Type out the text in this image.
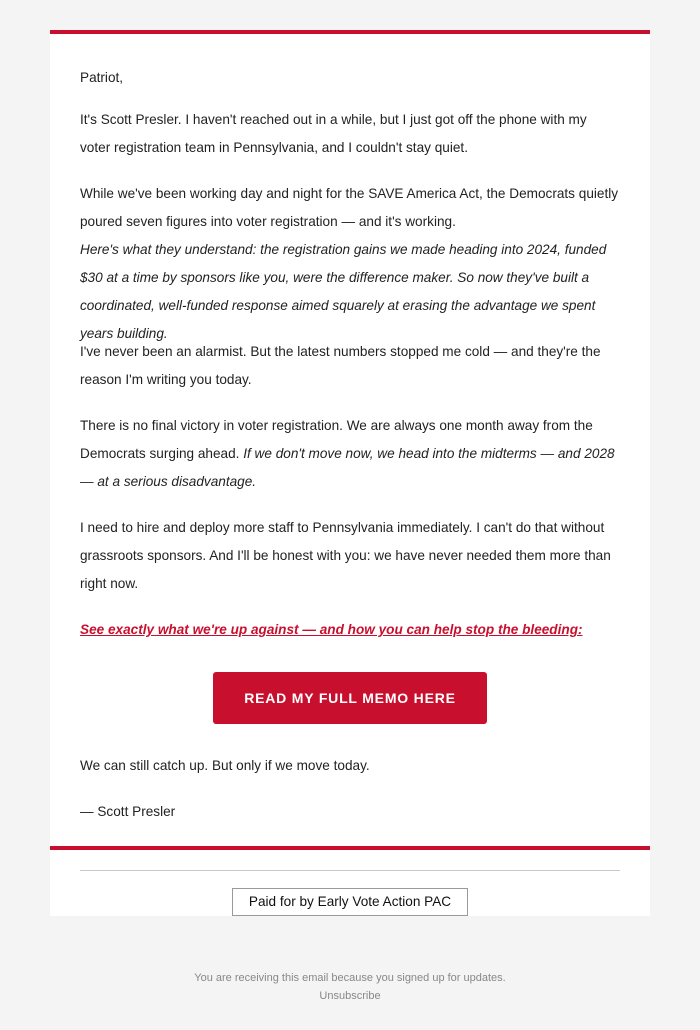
Patriot,

It's Scott Presler. I haven't reached out in a while, but I just got off the phone with my voter registration team in Pennsylvania, and I couldn't stay quiet.

While we've been working day and night for the SAVE America Act, the Democrats quietly poured seven figures into voter registration — and it's working.
Here's what they understand: the registration gains we made heading into 2024, funded $30 at a time by sponsors like you, were the difference maker. So now they've built a coordinated, well-funded response aimed squarely at erasing the advantage we spent years building.

I've never been an alarmist. But the latest numbers stopped me cold — and they're the reason I'm writing you today.

There is no final victory in voter registration. We are always one month away from the Democrats surging ahead. If we don't move now, we head into the midterms — and 2028 — at a serious disadvantage.

I need to hire and deploy more staff to Pennsylvania immediately. I can't do that without grassroots sponsors. And I'll be honest with you: we have never needed them more than right now.

See exactly what we're up against — and how you can help stop the bleeding:

READ MY FULL MEMO HERE

We can still catch up. But only if we move today.

— Scott Presler

Paid for by Early Vote Action PAC
You are receiving this email because you signed up for updates.
Unsubscribe
